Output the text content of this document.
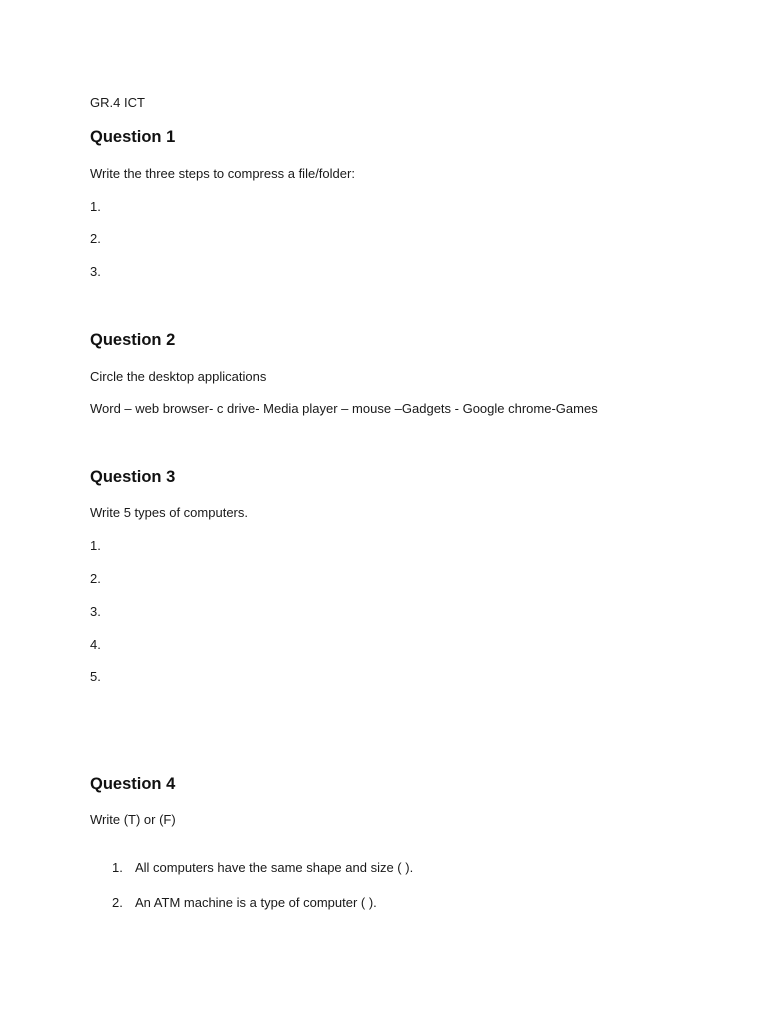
GR.4 ICT
Question 1
Write the three steps to compress a file/folder:
1.
2.
3.
Question 2
Circle the desktop applications
Word – web browser- c drive- Media player – mouse –Gadgets - Google chrome-Games
Question 3
Write 5 types of computers.
1.
2.
3.
4.
5.
Question 4
Write (T) or (F)
1. All computers have the same shape and size ( ).
2. An ATM machine is a type of computer ( ).
